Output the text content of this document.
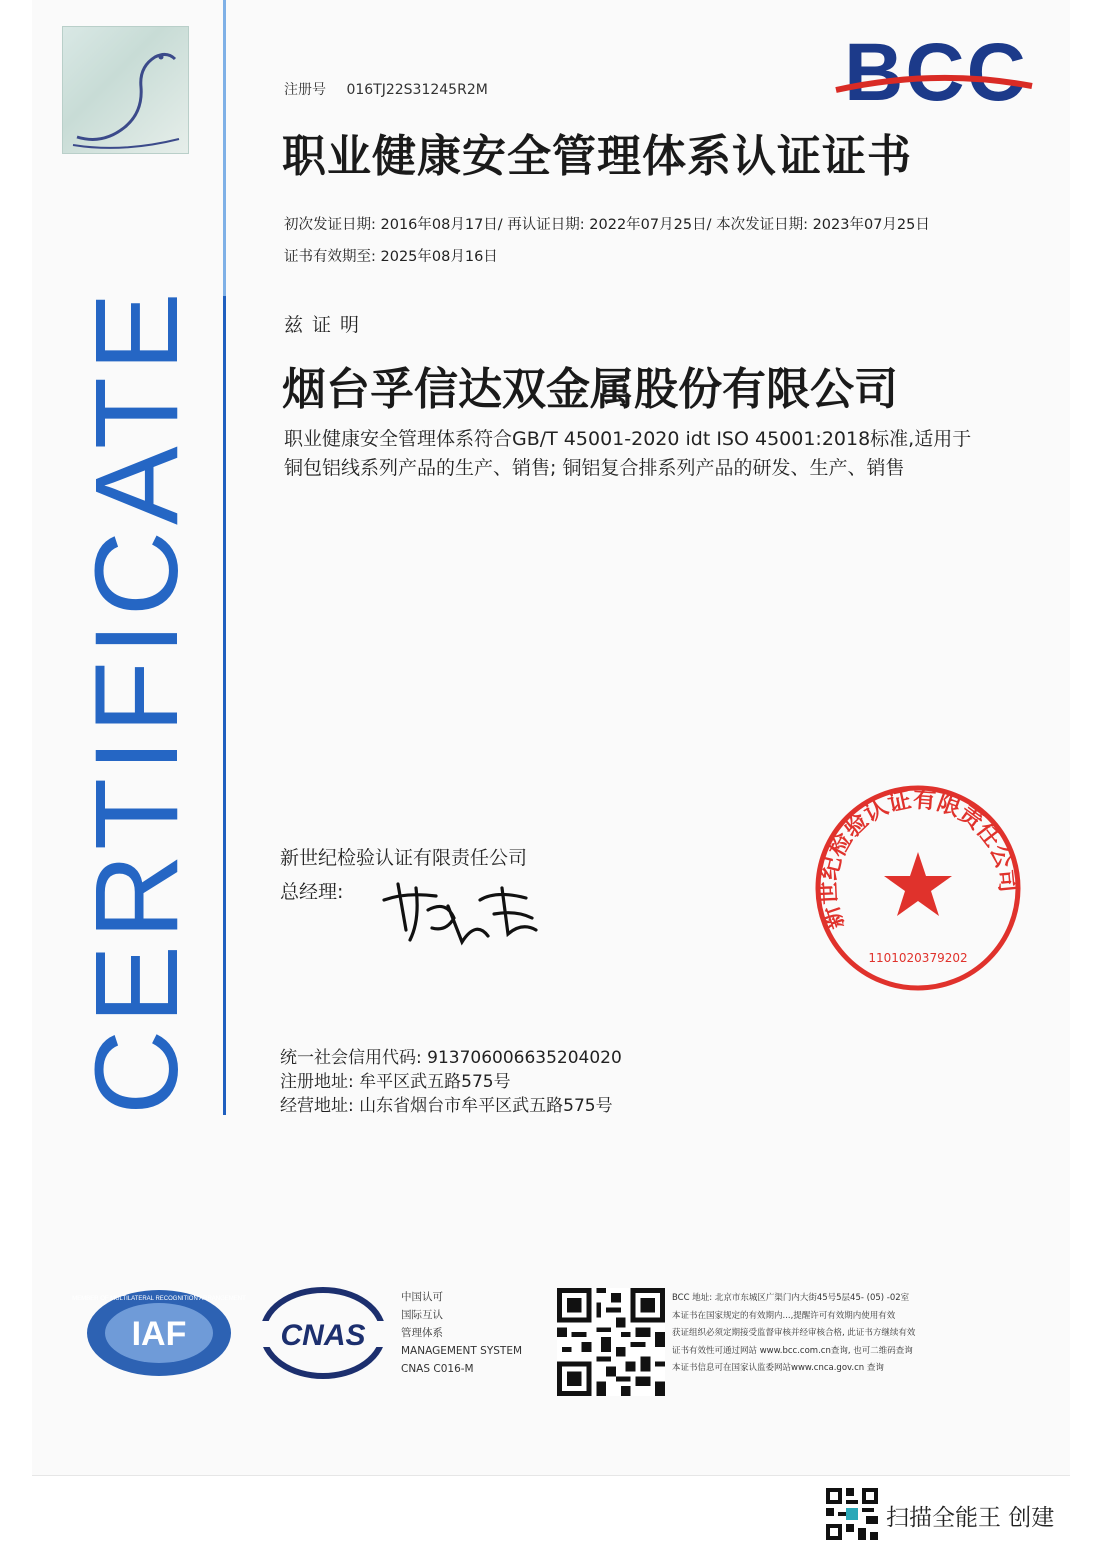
CERTIFICATE
BCC
注册号 016TJ22S31245R2M
职业健康安全管理体系认证证书
初次发证日期: 2016年08月17日/ 再认证日期: 2022年07月25日/ 本次发证日期: 2023年07月25日
证书有效期至: 2025年08月16日
兹证明
烟台孚信达双金属股份有限公司
职业健康安全管理体系符合GB/T 45001-2020 idt ISO 45001:2018标准,适用于
铜包铝线系列产品的生产、销售; 铜铝复合排系列产品的研发、生产、销售
新世纪检验认证有限责任公司
总经理:
新世纪检验认证有限责任公司
1101020379202
统一社会信用代码: 913706006635204020
注册地址: 牟平区武五路575号
经营地址: 山东省烟台市牟平区武五路575号
IAF
MEMBER OF MULTILATERAL RECOGNITION ARRANGEMENT
CNAS
中国认可
国际互认
管理体系
MANAGEMENT SYSTEM
CNAS C016-M
BCC 地址: 北京市东城区广渠门内大街45号5层45- (05) -02室
本证书在国家规定的有效期内...,提醒许可有效期内使用有效
获证组织必须定期接受监督审核并经审核合格, 此证书方继续有效
证书有效性可通过网站 www.bcc.com.cn查询, 也可二维码查询
本证书信息可在国家认监委网站www.cnca.gov.cn 查询
扫描全能王 创建
